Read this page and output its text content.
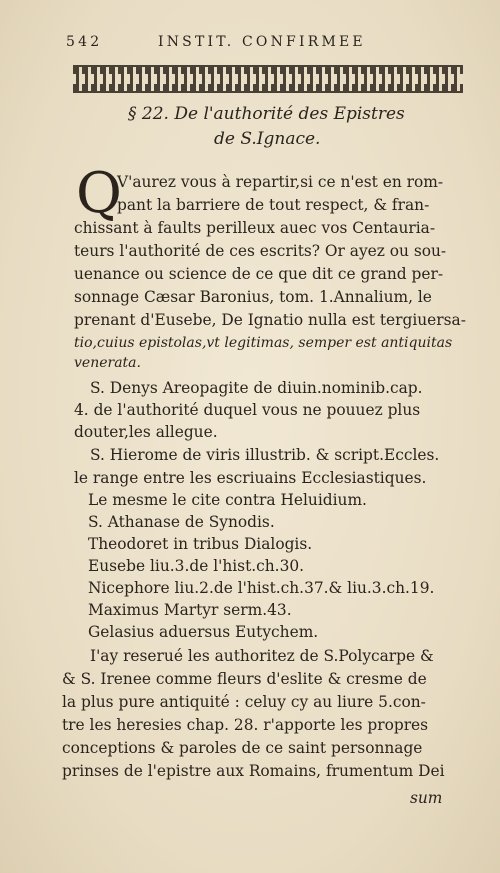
542	INSTIT. CONFIRMEE
§ 22. De l'authorité des Epistres
de S.Ignace.
Q
V'aurez vous à repartir,si ce n'est en rom-
pant la barriere de tout respect, & fran-
chissant à faults perilleux auec vos Centauria-
teurs l'authorité de ces escrits? Or ayez ou sou-
uenance ou science de ce que dit ce grand per-
sonnage Cæsar Baronius, tom. 1.Annalium, le
prenant d'Eusebe, De Ignatio nulla est tergiuersa-
tio,cuius epistolas,vt legitimas, semper est antiquitas
venerata.
S. Denys Areopagite de diuin.nominib.cap.
4. de l'authorité duquel vous ne pouuez plus
douter,les allegue.
S. Hierome de viris illustrib. & script.Eccles.
le range entre les escriuains Ecclesiastiques.
Le mesme le cite contra Heluidium.
S. Athanase de Synodis.
Theodoret in tribus Dialogis.
Eusebe liu.3.de l'hist.ch.30.
Nicephore liu.2.de l'hist.ch.37.& liu.3.ch.19.
Maximus Martyr serm.43.
Gelasius aduersus Eutychem.
I'ay reserué les authoritez de S.Polycarpe &
& S. Irenee comme fleurs d'eslite & cresme de
la plus pure antiquité : celuy cy au liure 5.con-
tre les heresies chap. 28. r'apporte les propres
conceptions & paroles de ce saint personnage
prinses de l'epistre aux Romains, frumentum Dei
sum
